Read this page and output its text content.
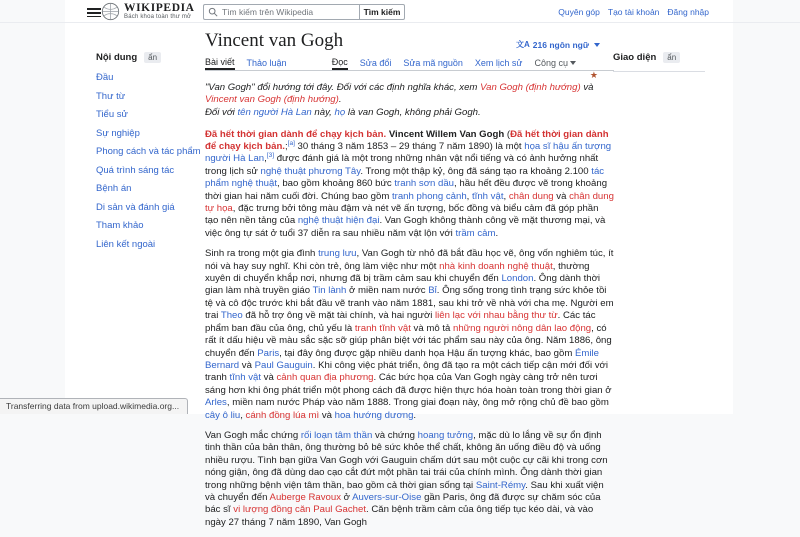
WIKIPEDIA
Bách khoa toàn thư mở
Tìm kiếm trên Wikipedia	Tìm kiếm	Quyên góp Tạo tài khoản Đăng nhập
Nội dung	ẩn
Đầu
Thư từ
Tiểu sử
Sự nghiệp
Phong cách và tác phẩm
Quá trình sáng tác
Bệnh án
Di sản và đánh giá
Tham khảo
Liên kết ngoài
Giao diện	ẩn
Vincent van Gogh	文A 216 ngôn ngữ
Bài viết Thảo luận	Đọc Sửa đổi Sửa mã nguồn Xem lịch sử Công cụ
★

"Van Gogh" đổi hướng tới đây. Đối với các định nghĩa khác, xem Van Gogh (định hướng) và Vincent van Gogh (định hướng).

Đối với tên người Hà Lan này, họ là van Gogh, không phải Gogh.

Đã hết thời gian dành để chạy kịch bản. Vincent Willem Van Gogh (Đã hết thời gian dành để chạy kịch bản.;[a] 30 tháng 3 năm 1853 – 29 tháng 7 năm 1890) là một họa sĩ hậu ấn tượng người Hà Lan,[3] được đánh giá là một trong những nhân vật nổi tiếng và có ảnh hưởng nhất trong lịch sử nghệ thuật phương Tây. Trong một thập kỷ, ông đã sáng tạo ra khoảng 2.100 tác phẩm nghệ thuật, bao gồm khoảng 860 bức tranh sơn dầu, hầu hết đều được vẽ trong khoảng thời gian hai năm cuối đời. Chúng bao gồm tranh phong cảnh, tĩnh vật, chân dung và chân dung tự họa, đặc trưng bởi tông màu đậm và nét vẽ ấn tượng, bốc đồng và biểu cảm đã góp phần tạo nên nền tảng của nghệ thuật hiện đại. Van Gogh không thành công về mặt thương mại, và việc ông tự sát ở tuổi 37 diễn ra sau nhiều năm vật lộn với trầm cảm.

Sinh ra trong một gia đình trung lưu, Van Gogh từ nhỏ đã bắt đầu học vẽ, ông vốn nghiêm túc, ít nói và hay suy nghĩ. Khi còn trẻ, ông làm việc như một nhà kinh doanh nghệ thuật, thường xuyên di chuyển khắp nơi, nhưng đã bị trầm cảm sau khi chuyển đến London. Ông dành thời gian làm nhà truyền giáo Tin lành ở miền nam nước Bỉ. Ông sống trong tình trạng sức khỏe tồi tệ và cô độc trước khi bắt đầu vẽ tranh vào năm 1881, sau khi trở về nhà với cha mẹ. Người em trai Theo đã hỗ trợ ông về mặt tài chính, và hai người liên lạc với nhau bằng thư từ. Các tác phẩm ban đầu của ông, chủ yếu là tranh tĩnh vật và mô tả những người nông dân lao động, có rất ít dấu hiệu về màu sắc sặc sỡ giúp phân biệt với tác phẩm sau này của ông. Năm 1886, ông chuyển đến Paris, tại đây ông được gặp nhiều danh họa Hậu ấn tượng khác, bao gồm Émile Bernard và Paul Gauguin. Khi công việc phát triển, ông đã tạo ra một cách tiếp cận mới đối với tranh tĩnh vật và cảnh quan địa phương. Các bức họa của Van Gogh ngày càng trở nên tươi sáng hơn khi ông phát triển một phong cách đã được hiện thực hóa hoàn toàn trong thời gian ở Arles, miền nam nước Pháp vào năm 1888. Trong giai đoạn này, ông mở rộng chủ đề bao gồm cây ô liu, cánh đồng lúa mì và hoa hướng dương.

Van Gogh mắc chứng rối loạn tâm thần và chứng hoang tưởng, mặc dù lo lắng về sự ổn định tinh thần của bản thân, ông thường bỏ bê sức khỏe thể chất, không ăn uống điều độ và uống nhiều rượu. Tình bạn giữa Van Gogh với Gauguin chấm dứt sau một cuộc cự cãi khi trong cơn nóng giận, ông đã dùng dao cạo cắt đứt một phần tai trái của chính mình. Ông dành thời gian trong những bệnh viện tâm thần, bao gồm cả thời gian sống tại Saint-Rémy. Sau khi xuất viện và chuyển đến Auberge Ravoux ở Auvers-sur-Oise gần Paris, ông đã được sự chăm sóc của bác sĩ vi lượng đồng căn Paul Gachet. Căn bệnh trầm cảm của ông tiếp tục kéo dài, và vào ngày 27 tháng 7 năm 1890, Van Gogh

Transferring data from upload.wikimedia.org...
